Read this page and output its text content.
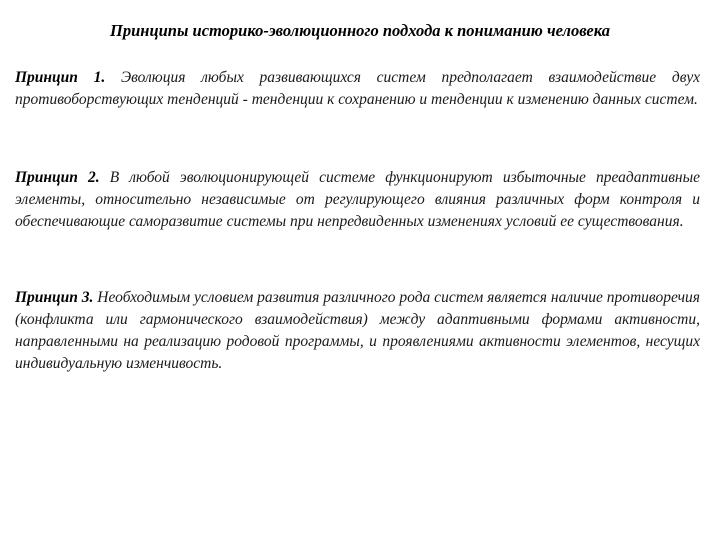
Принципы историко-эволюционного подхода к пониманию человека

Принцип 1. Эволюция любых развивающихся систем предполагает взаимодействие двух противоборствующих тенденций - тенденции к сохранению и тенденции к изменению данных систем.

Принцип 2. В любой эволюционирующей системе функционируют избыточные преадаптивные элементы, относительно независимые от регулирующего влияния различных форм контроля и обеспечивающие саморазвитие системы при непредвиденных изменениях условий ее существования.

Принцип 3. Необходимым условием развития различного рода систем является наличие противоречия (конфликта или гармонического взаимодействия) между адаптивными формами активности, направленными на реализацию родовой программы, и проявлениями активности элементов, несущих индивидуальную изменчивость.
